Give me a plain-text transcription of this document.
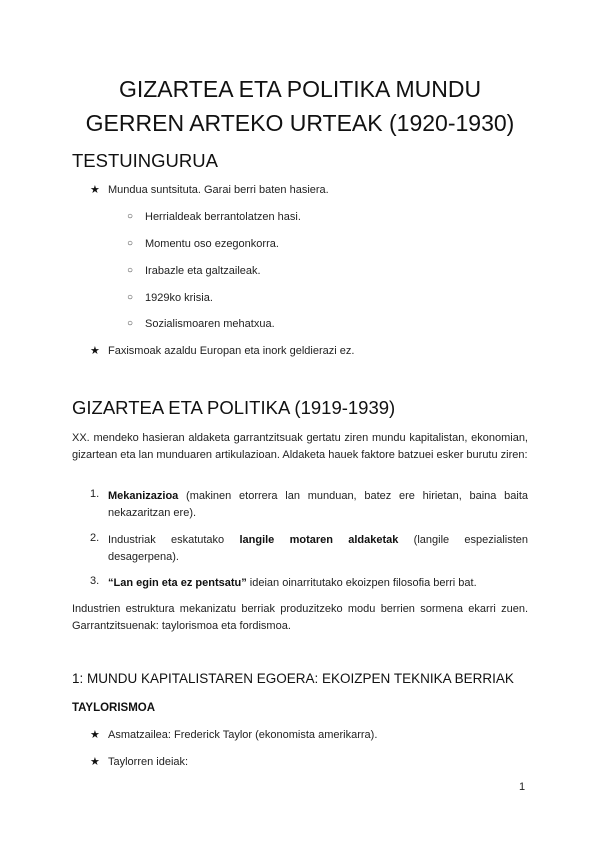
GIZARTEA ETA POLITIKA MUNDU
GERREN ARTEKO URTEAK (1920-1930)
TESTUINGURUA
★ Mundua suntsituta. Garai berri baten hasiera.
○ Herrialdeak berrantolatzen hasi.
○ Momentu oso ezegonkorra.
○ Irabazle eta galtzaileak.
○ 1929ko krisia.
○ Sozialismoaren mehatxua.
★ Faxismoak azaldu Europan eta inork geldierazi ez.
GIZARTEA ETA POLITIKA (1919-1939)
XX. mendeko hasieran aldaketa garrantzitsuak gertatu ziren mundu kapitalistan, ekonomian, gizartean eta lan munduaren artikulazioan. Aldaketa hauek faktore batzuei esker burutu ziren:
1. Mekanizazioa (makinen etorrera lan munduan, batez ere hirietan, baina baita nekazaritzan ere).
2. Industriak eskatutako langile motaren aldaketak (langile espezialisten desagerpena).
3. “Lan egin eta ez pentsatu” ideian oinarritutako ekoizpen filosofia berri bat.
Industrien estruktura mekanizatu berriak produzitzeko modu berrien sormena ekarri zuen. Garrantzitsuenak: taylorismoa eta fordismoa.
1: MUNDU KAPITALISTAREN EGOERA: EKOIZPEN TEKNIKA BERRIAK
TAYLORISMOA
★ Asmatzailea: Frederick Taylor (ekonomista amerikarra).
★ Taylorren ideiak:
1
